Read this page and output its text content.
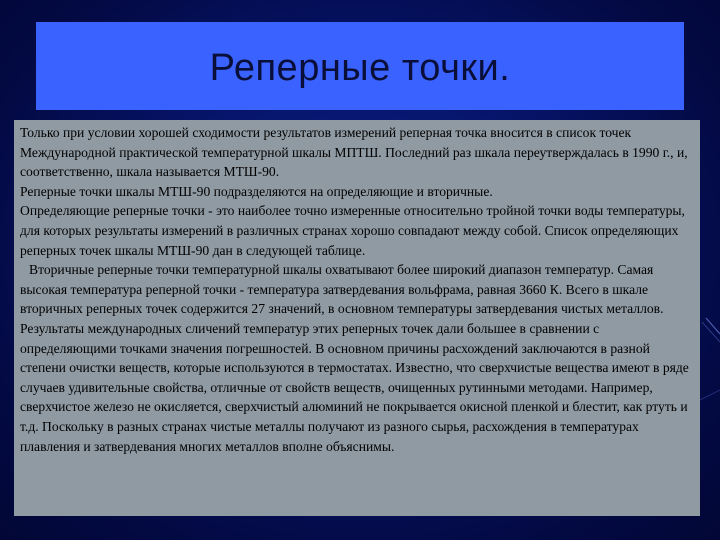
Реперные точки.

Только при условии хорошей сходимости результатов измерений реперная точка вносится в список точек Международной практической температурной шкалы МПТШ. Последний раз шкала переутверждалась в 1990 г., и, соответственно, шкала называется МТШ-90.

Реперные точки шкалы МТШ-90 подразделяются на определяющие и вторичные.

Определяющие реперные точки - это наиболее точно измеренные относительно тройной точки воды температуры, для которых результаты измерений в различных странах хорошо совпадают между собой. Список определяющих реперных точек шкалы МТШ-90 дан в следующей таблице.

Вторичные реперные точки температурной шкалы охватывают более широкий диапазон температур. Самая высокая температура реперной точки - температура затвердевания вольфрама, равная 3660 К. Всего в шкале вторичных реперных точек содержится 27 значений, в основном температуры затвердевания чистых металлов. Результаты международных сличений температур этих реперных точек дали большее в сравнении с определяющими точками значения погрешностей. В основном причины расхождений заключаются в разной степени очистки веществ, которые используются в термостатах. Известно, что сверхчистые вещества имеют в ряде случаев удивительные свойства, отличные от свойств веществ, очищенных рутинными методами. Например, сверхчистое железо не окисляется, сверхчистый алюминий не покрывается окисной пленкой и блестит, как ртуть и т.д. Поскольку в разных странах чистые металлы получают из разного сырья, расхождения в температурах плавления и затвердевания многих металлов вполне объяснимы.
